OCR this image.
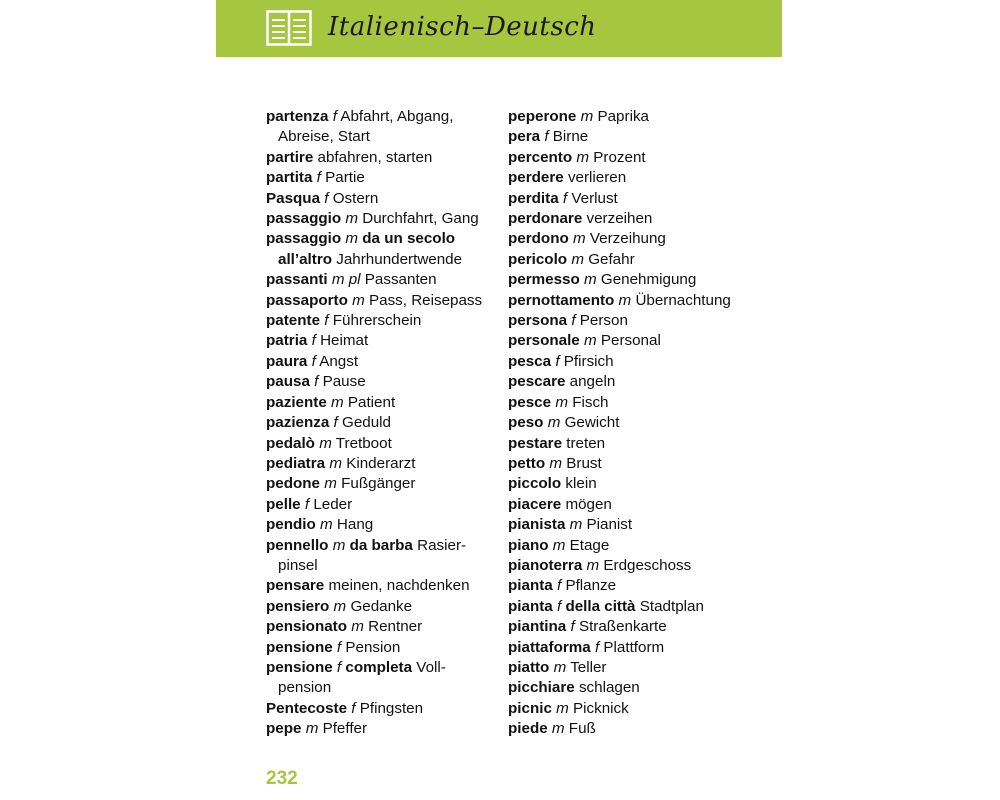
Italienisch–Deutsch
partenza f Abfahrt, Abgang, Abreise, Start
partire abfahren, starten
partita f Partie
Pasqua f Ostern
passaggio m Durchfahrt, Gang
passaggio m da un secolo all’altro Jahrhundertwende
passanti m pl Passanten
passaporto m Pass, Reisepass
patente f Führerschein
patria f Heimat
paura f Angst
pausa f Pause
paziente m Patient
pazienza f Geduld
pedalò m Tretboot
pediatra m Kinderarzt
pedone m Fußgänger
pelle f Leder
pendio m Hang
pennello m da barba Rasier-pinsel
pensare meinen, nachdenken
pensiero m Gedanke
pensionato m Rentner
pensione f Pension
pensione f completa Voll-pension
Pentecoste f Pfingsten
pepe m Pfeffer
peperone m Paprika
pera f Birne
percento m Prozent
perdere verlieren
perdita f Verlust
perdonare verzeihen
perdono m Verzeihung
pericolo m Gefahr
permesso m Genehmigung
pernottamento m Übernachtung
persona f Person
personale m Personal
pesca f Pfirsich
pescare angeln
pesce m Fisch
peso m Gewicht
pestare treten
petto m Brust
piccolo klein
piacere mögen
pianista m Pianist
piano m Etage
pianoterra m Erdgeschoss
pianta f Pflanze
pianta f della città Stadtplan
piantina f Straßenkarte
piattaforma f Plattform
piatto m Teller
picchiare schlagen
picnic m Picknick
piede m Fuß
232
